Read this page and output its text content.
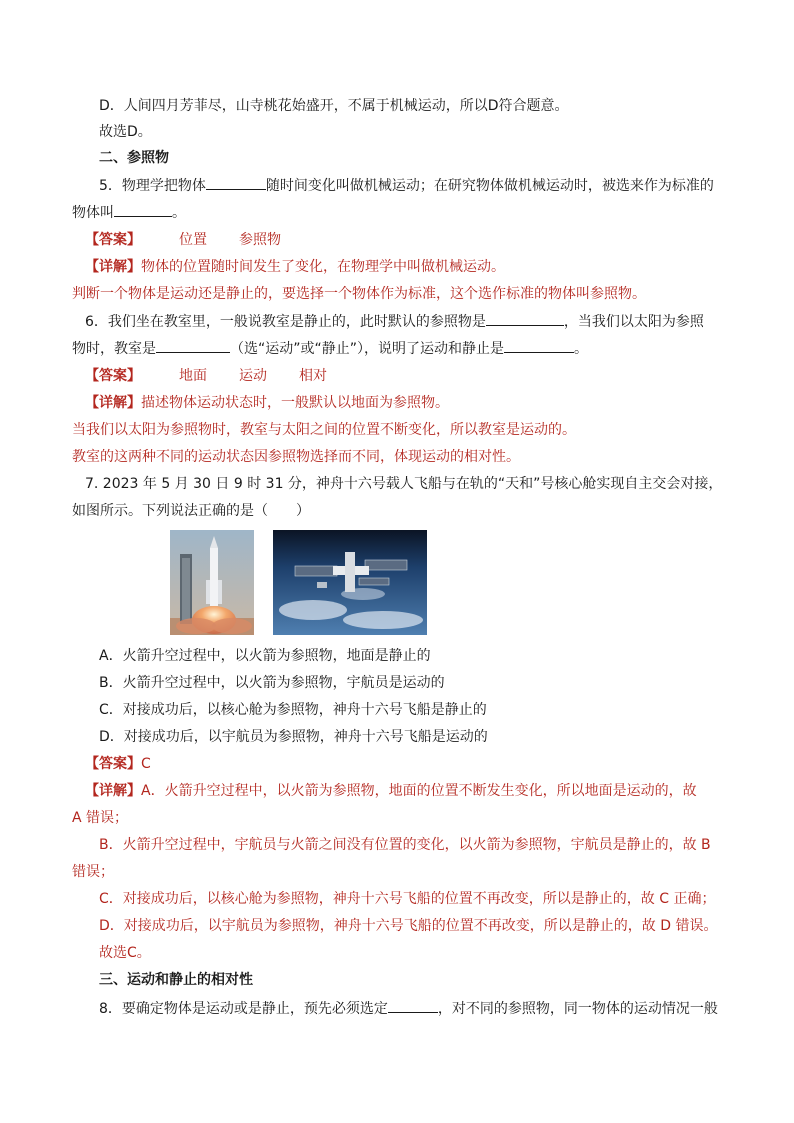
D．人间四月芳菲尽，山寺桃花始盛开，不属于机械运动，所以D符合题意。
故选D。
二、参照物
5．物理学把物体	随时间变化叫做机械运动；在研究物体做机械运动时，被选来作为标准的
物体叫	。
【答案】	位置 参照物
【详解】物体的位置随时间发生了变化，在物理学中叫做机械运动。
判断一个物体是运动还是静止的，要选择一个物体作为标准，这个选作标准的物体叫参照物。
6．我们坐在教室里，一般说教室是静止的，此时默认的参照物是	，当我们以太阳为参照
物时，教室是	（选“运动”或“静止”），说明了运动和静止是	。
【答案】	地面 运动 相对
【详解】描述物体运动状态时，一般默认以地面为参照物。
当我们以太阳为参照物时，教室与太阳之间的位置不断变化，所以教室是运动的。
教室的这两种不同的运动状态因参照物选择而不同，体现运动的相对性。
7. 2023 年 5 月 30 日 9 时 31 分，神舟十六号载人飞船与在轨的“天和”号核心舱实现自主交会对接，
如图所示。下列说法正确的是（　　）
A．火箭升空过程中，以火箭为参照物，地面是静止的
B．火箭升空过程中，以火箭为参照物，宇航员是运动的
C．对接成功后，以核心舱为参照物，神舟十六号飞船是静止的
D．对接成功后，以宇航员为参照物，神舟十六号飞船是运动的
【答案】C
【详解】A．火箭升空过程中，以火箭为参照物，地面的位置不断发生变化，所以地面是运动的，故
A 错误；
B．火箭升空过程中，宇航员与火箭之间没有位置的变化，以火箭为参照物，宇航员是静止的，故 B
错误；
C．对接成功后，以核心舱为参照物，神舟十六号飞船的位置不再改变，所以是静止的，故 C 正确；
D．对接成功后，以宇航员为参照物，神舟十六号飞船的位置不再改变，所以是静止的，故 D 错误。
故选C。
三、运动和静止的相对性
8．要确定物体是运动或是静止，预先必须选定	，对不同的参照物，同一物体的运动情况一般
